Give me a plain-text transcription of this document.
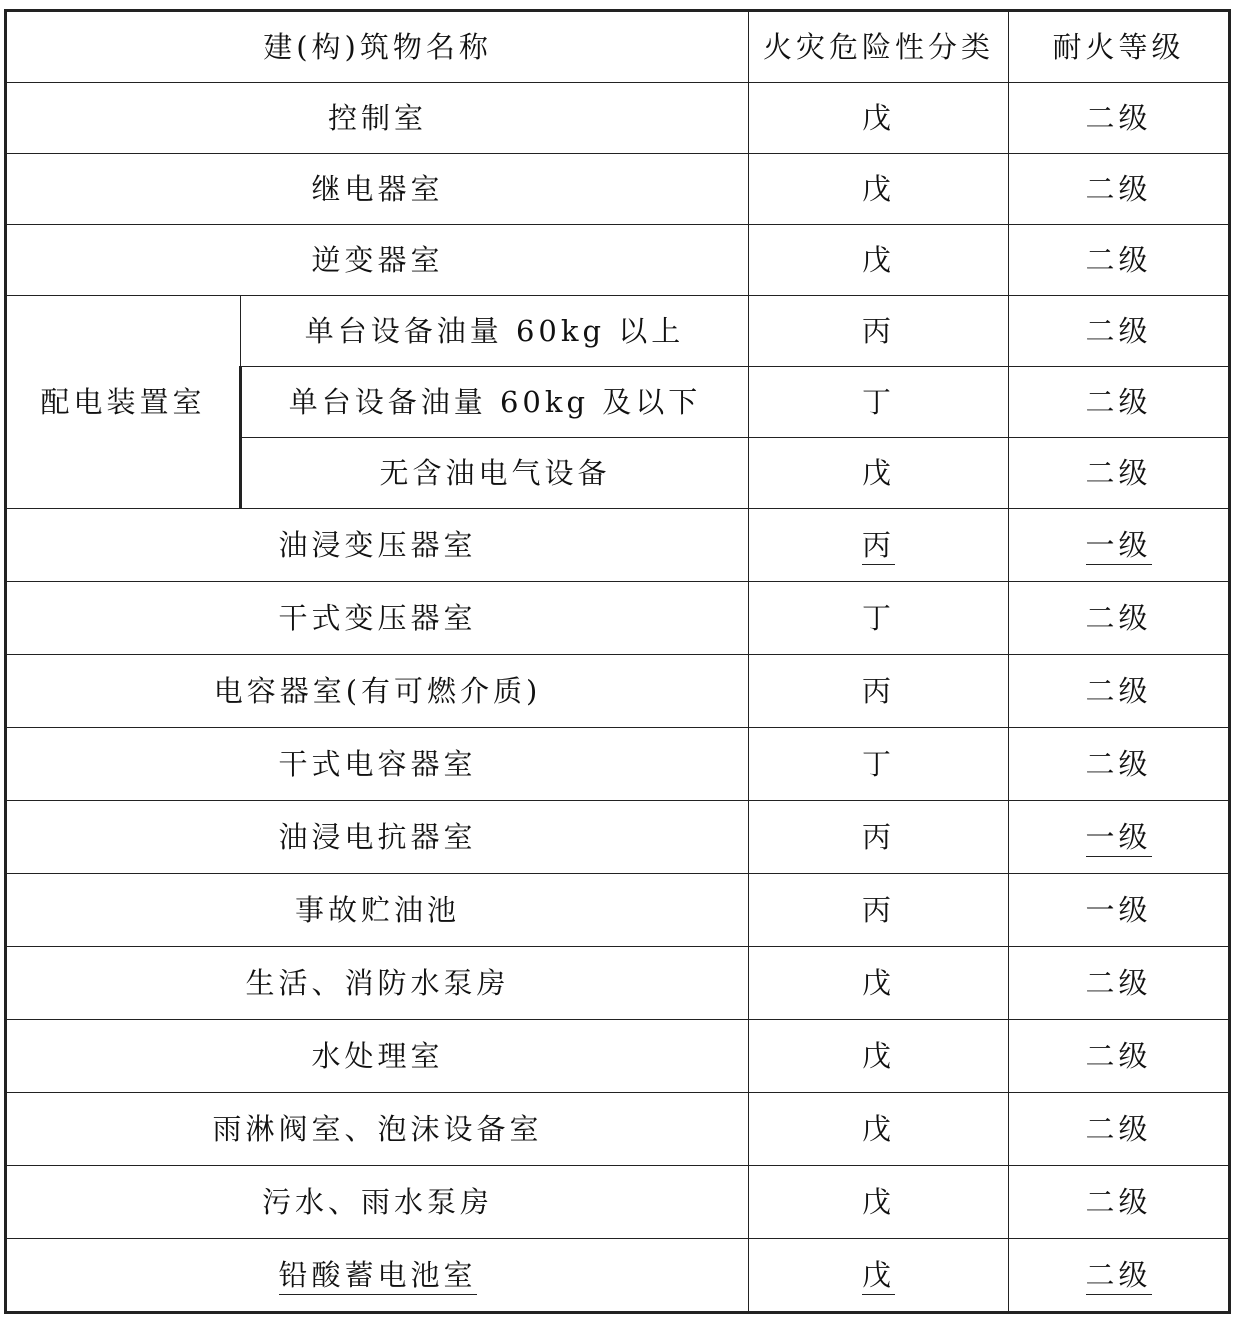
建(构)筑物名称		火灾危险性分类	耐火等级
控制室		戊	二级
继电器室		戊	二级
逆变器室		戊	二级
配电装置室	单台设备油量 60kg 以上	丙	二级
	单台设备油量 60kg 及以下	丁	二级
	无含油电气设备	戊	二级
油浸变压器室		丙	一级
干式变压器室		丁	二级
电容器室(有可燃介质)		丙	二级
干式电容器室		丁	二级
油浸电抗器室		丙	一级
事故贮油池		丙	一级
生活、消防水泵房		戊	二级
水处理室		戊	二级
雨淋阀室、泡沫设备室		戊	二级
污水、雨水泵房		戊	二级
铅酸蓄电池室		戊	二级
